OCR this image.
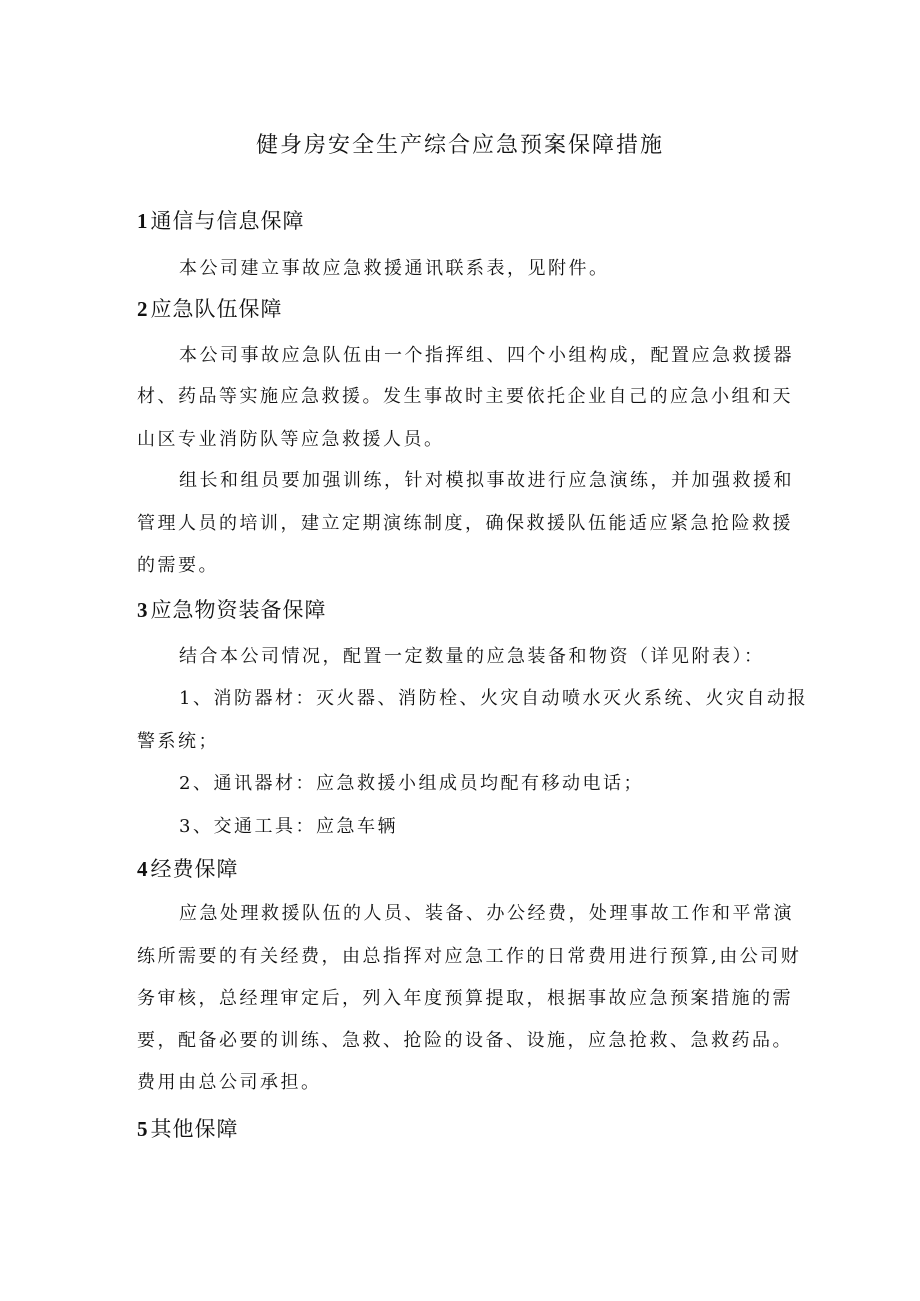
健身房安全生产综合应急预案保障措施
1通信与信息保障
本公司建立事故应急救援通讯联系表，见附件。
2应急队伍保障
本公司事故应急队伍由一个指挥组、四个小组构成，配置应急救援器
材、药品等实施应急救援。发生事故时主要依托企业自己的应急小组和天
山区专业消防队等应急救援人员。
组长和组员要加强训练，针对模拟事故进行应急演练，并加强救援和
管理人员的培训，建立定期演练制度，确保救援队伍能适应紧急抢险救援
的需要。
3应急物资装备保障
结合本公司情况，配置一定数量的应急装备和物资（详见附表）：
1、消防器材：灭火器、消防栓、火灾自动喷水灭火系统、火灾自动报
警系统；
2、通讯器材：应急救援小组成员均配有移动电话；
3、交通工具：应急车辆
4经费保障
应急处理救援队伍的人员、装备、办公经费，处理事故工作和平常演
练所需要的有关经费，由总指挥对应急工作的日常费用进行预算,由公司财
务审核，总经理审定后，列入年度预算提取，根据事故应急预案措施的需
要，配备必要的训练、急救、抢险的设备、设施，应急抢救、急救药品。
费用由总公司承担。
5其他保障
